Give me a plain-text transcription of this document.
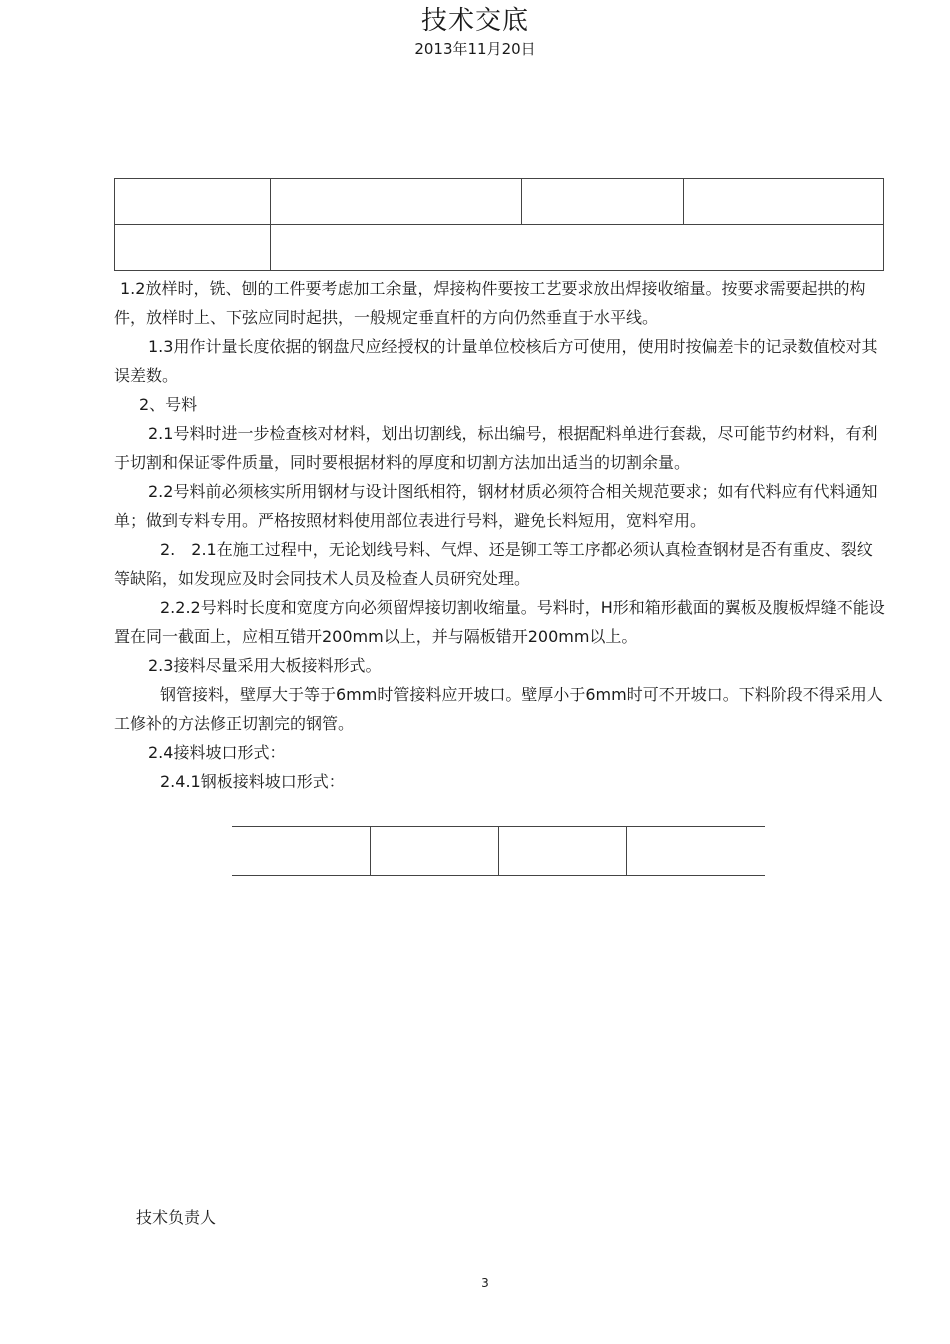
技术交底
2013年11月20日

1.2放样时，铣、刨的工件要考虑加工余量，焊接构件要按工艺要求放出焊接收缩量。按要求需要起拱的构件，放样时上、下弦应同时起拱，一般规定垂直杆的方向仍然垂直于水平线。

1.3用作计量长度依据的钢盘尺应经授权的计量单位校核后方可使用，使用时按偏差卡的记录数值校对其误差数。

2、号料

2.1号料时进一步检查核对材料，划出切割线，标出编号，根据配料单进行套裁，尽可能节约材料，有利于切割和保证零件质量，同时要根据材料的厚度和切割方法加出适当的切割余量。

2.2号料前必须核实所用钢材与设计图纸相符，钢材材质必须符合相关规范要求；如有代料应有代料通知单；做到专料专用。严格按照材料使用部位表进行号料，避免长料短用，宽料窄用。

2.　2.1在施工过程中，无论划线号料、气焊、还是铆工等工序都必须认真检查钢材是否有重皮、裂纹等缺陷，如发现应及时会同技术人员及检查人员研究处理。

2.2.2号料时长度和宽度方向必须留焊接切割收缩量。号料时，H形和箱形截面的翼板及腹板焊缝不能设置在同一截面上，应相互错开200mm以上，并与隔板错开200mm以上。

2.3接料尽量采用大板接料形式。

钢管接料，壁厚大于等于6mm时管接料应开坡口。壁厚小于6mm时可不开坡口。下料阶段不得采用人工修补的方法修正切割完的钢管。

2.4接料坡口形式：

2.4.1钢板接料坡口形式：

技术负责人
3
